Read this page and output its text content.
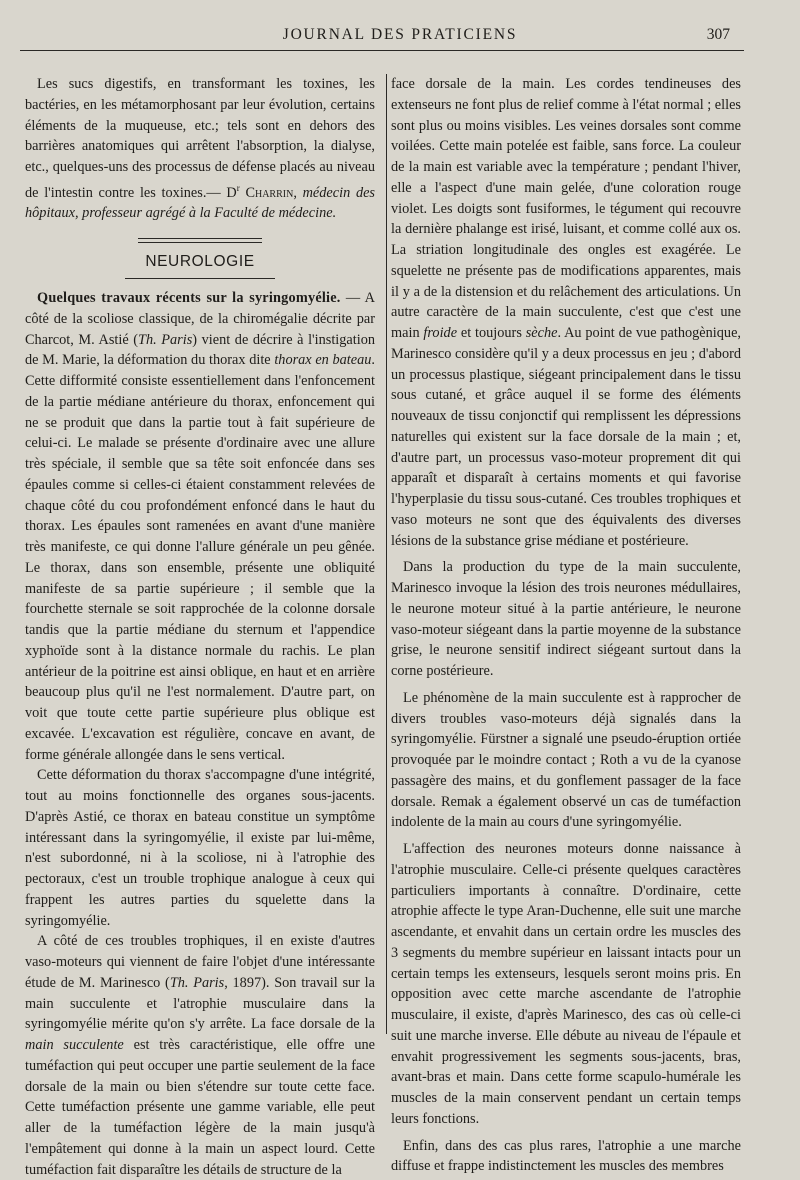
JOURNAL DES PRATICIENS	307

Les sucs digestifs, en transformant les toxines, les bactéries, en les métamorphosant par leur évolution, certains éléments de la muqueuse, etc.; tels sont en dehors des barrières anatomiques qui arrêtent l'absorption, la dialyse, etc., quelques-uns des processus de défense placés au niveau de l'intestin contre les toxines.— $D^r$ Charrin, médecin des hôpitaux, professeur agrégé à la Faculté de médecine.

NEUROLOGIE

Quelques travaux récents sur la syringomyélie. — A côté de la scoliose classique, de la chiromégalie décrite par Charcot, M. Astié (Th. Paris) vient de décrire à l'instigation de M. Marie, la déformation du thorax dite thorax en bateau. Cette difformité consiste essentiellement dans l'enfoncement de la partie médiane antérieure du thorax, enfoncement qui ne se produit que dans la partie tout à fait supérieure de celui-ci. Le malade se présente d'ordinaire avec une allure très spéciale, il semble que sa tête soit enfoncée dans ses épaules comme si celles-ci étaient constamment relevées de chaque côté du cou profondément enfoncé dans le haut du thorax. Les épaules sont ramenées en avant d'une manière très manifeste, ce qui donne l'allure générale un peu gênée. Le thorax, dans son ensemble, présente une obliquité manifeste de sa partie supérieure ; il semble que la fourchette sternale se soit rapprochée de la colonne dorsale tandis que la partie médiane du sternum et l'appendice xyphoïde sont à la distance normale du rachis. Le plan antérieur de la poitrine est ainsi oblique, en haut et en arrière beaucoup plus qu'il ne l'est normalement. D'autre part, on voit que toute cette partie supérieure plus oblique est excavée. L'excavation est régulière, concave en avant, de forme générale allongée dans le sens vertical.

Cette déformation du thorax s'accompagne d'une intégrité, tout au moins fonctionnelle des organes sous-jacents. D'après Astié, ce thorax en bateau constitue un symptôme intéressant dans la syringomyélie, il existe par lui-même, n'est subordonné, ni à la scoliose, ni à l'atrophie des pectoraux, c'est un trouble trophique analogue à ceux qui frappent les autres parties du squelette dans la syringomyélie.

A côté de ces troubles trophiques, il en existe d'autres vaso-moteurs qui viennent de faire l'objet d'une intéressante étude de M. Marinesco (Th. Paris, 1897). Son travail sur la main succulente et l'atrophie musculaire dans la syringomyélie mérite qu'on s'y arrête. La face dorsale de la main succulente est très caractéristique, elle offre une tuméfaction qui peut occuper une partie seulement de la face dorsale de la main ou bien s'étendre sur toute cette face. Cette tuméfaction présente une gamme variable, elle peut aller de la tuméfaction légère de la main jusqu'à l'empâtement qui donne à la main un aspect lourd. Cette tuméfaction fait disparaître les détails de structure de la

face dorsale de la main. Les cordes tendineuses des extenseurs ne font plus de relief comme à l'état normal ; elles sont plus ou moins visibles. Les veines dorsales sont comme voilées. Cette main potelée est faible, sans force. La couleur de la main est variable avec la température ; pendant l'hiver, elle a l'aspect d'une main gelée, d'une coloration rouge violet. Les doigts sont fusiformes, le tégument qui recouvre la dernière phalange est irisé, luisant, et comme collé aux os. La striation longitudinale des ongles est exagérée. Le squelette ne présente pas de modifications apparentes, mais il y a de la distension et du relâchement des articulations. Un autre caractère de la main succulente, c'est que c'est une main froide et toujours sèche. Au point de vue pathogènique, Marinesco considère qu'il y a deux processus en jeu ; d'abord un processus plastique, siégeant principalement dans le tissu sous cutané, et grâce auquel il se forme des éléments nouveaux de tissu conjonctif qui remplissent les dépressions naturelles qui existent sur la face dorsale de la main ; et, d'autre part, un processus vaso-moteur proprement dit qui apparaît et disparaît à certains moments et qui favorise l'hyperplasie du tissu sous-cutané. Ces troubles trophiques et vaso moteurs ne sont que des équivalents des diverses lésions de la substance grise médiane et postérieure.

Dans la production du type de la main succulente, Marinesco invoque la lésion des trois neurones médullaires, le neurone moteur situé à la partie antérieure, le neurone vaso-moteur siégeant dans la partie moyenne de la substance grise, le neurone sensitif indirect siégeant surtout dans la corne postérieure.

Le phénomène de la main succulente est à rapprocher de divers troubles vaso-moteurs déjà signalés dans la syringomyélie. Fürstner a signalé une pseudo-éruption ortiée provoquée par le moindre contact ; Roth a vu de la cyanose passagère des mains, et du gonflement passager de la face dorsale. Remak a également observé un cas de tuméfaction indolente de la main au cours d'une syringomyélie.

L'affection des neurones moteurs donne naissance à l'atrophie musculaire. Celle-ci présente quelques caractères particuliers importants à connaître. D'ordinaire, cette atrophie affecte le type Aran-Duchenne, elle suit une marche ascendante, et envahit dans un certain ordre les muscles des 3 segments du membre supérieur en laissant intacts pour un certain temps les extenseurs, lesquels seront moins pris. En opposition avec cette marche ascendante de l'atrophie musculaire, il existe, d'après Marinesco, des cas où celle-ci suit une marche inverse. Elle débute au niveau de l'épaule et envahit progressivement les segments sous-jacents, bras, avant-bras et main. Dans cette forme scapulo-humérale les muscles de la main conservent pendant un certain temps leurs fonctions.

Enfin, dans des cas plus rares, l'atrophie a une marche diffuse et frappe indistinctement les muscles des membres
